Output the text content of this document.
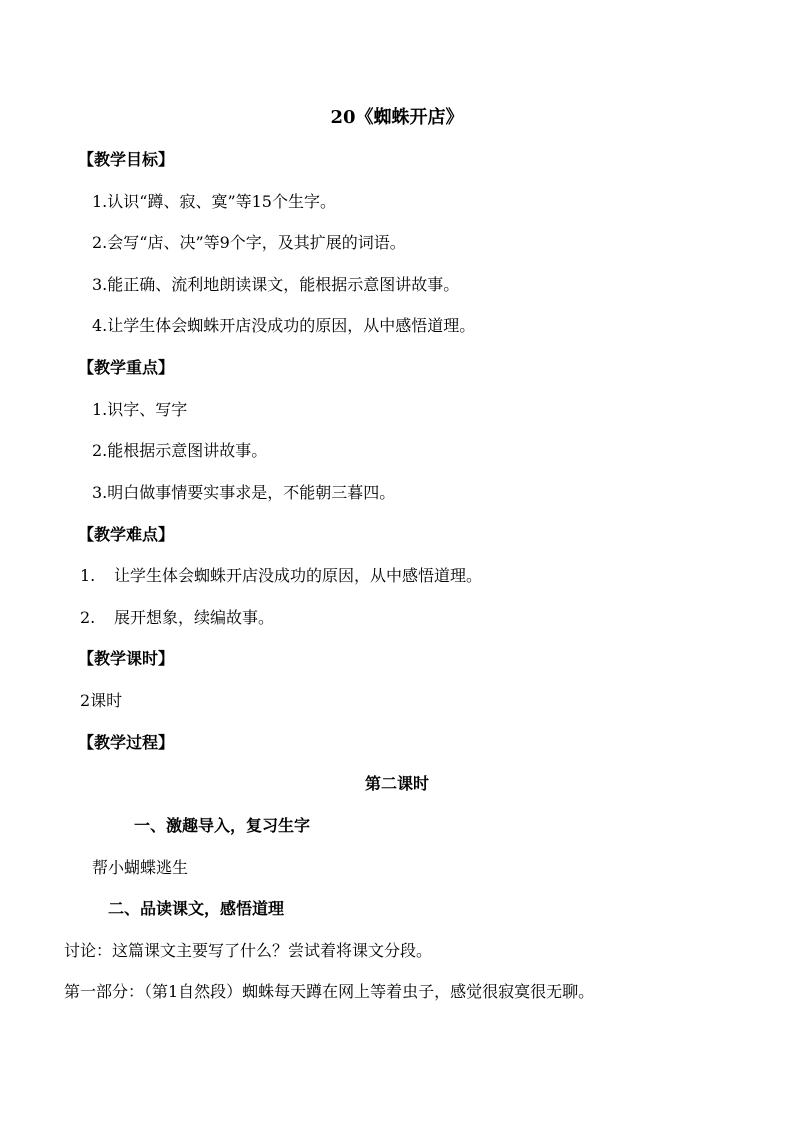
20《蜘蛛开店》
【教学目标】
1.认识“蹲、寂、寞”等15个生字。
2.会写“店、决”等9个字，及其扩展的词语。
3.能正确、流利地朗读课文，能根据示意图讲故事。
4.让学生体会蜘蛛开店没成功的原因，从中感悟道理。
【教学重点】
1.识字、写字
2.能根据示意图讲故事。
3.明白做事情要实事求是，不能朝三暮四。
【教学难点】
1. 让学生体会蜘蛛开店没成功的原因，从中感悟道理。
2. 展开想象，续编故事。
【教学课时】
2课时
【教学过程】
第二课时
一、激趣导入，复习生字
帮小蝴蝶逃生
二、品读课文，感悟道理
讨论：这篇课文主要写了什么？尝试着将课文分段。
第一部分：（第1自然段）蜘蛛每天蹲在网上等着虫子，感觉很寂寞很无聊。
